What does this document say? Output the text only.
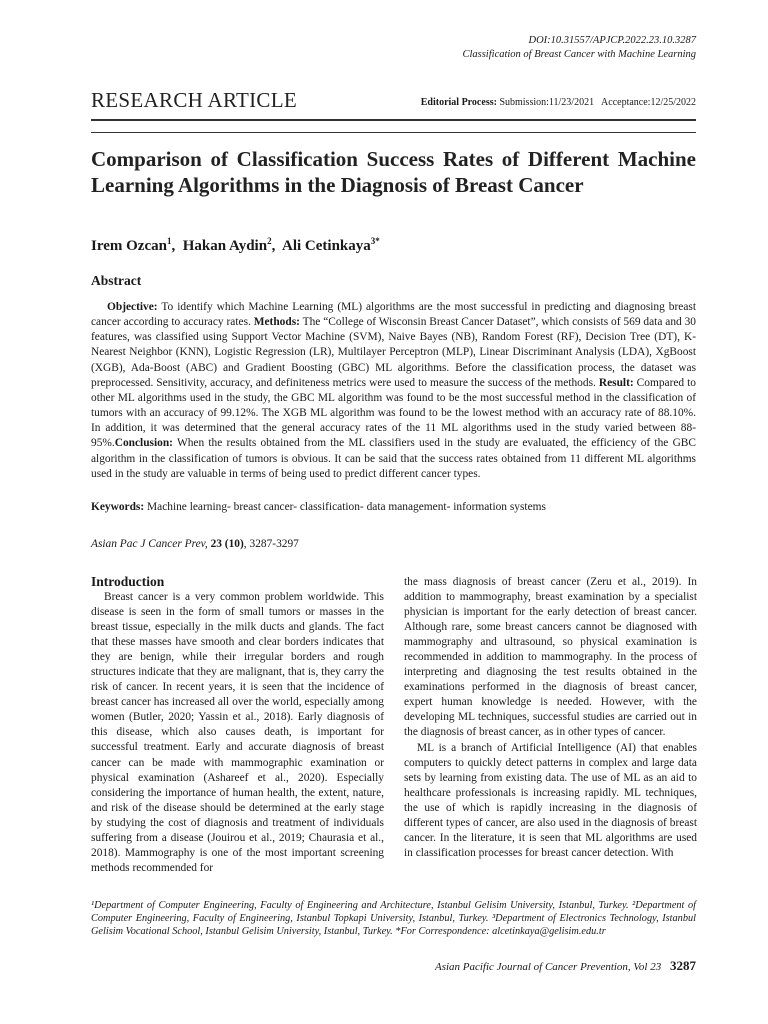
DOI:10.31557/APJCP.2022.23.10.3287
Classification of Breast Cancer with Machine Learning
RESEARCH ARTICLE	Editorial Process: Submission:11/23/2021   Acceptance:12/25/2022
Comparison of Classification Success Rates of Different Machine Learning Algorithms in the Diagnosis of Breast Cancer
Irem Ozcan$^1$,  Hakan Aydin$^2$,  Ali Cetinkaya$^{3*}$
Abstract

Objective: To identify which Machine Learning (ML) algorithms are the most successful in predicting and diagnosing breast cancer according to accuracy rates. Methods: The “College of Wisconsin Breast Cancer Dataset”, which consists of 569 data and 30 features, was classified using Support Vector Machine (SVM), Naive Bayes (NB), Random Forest (RF), Decision Tree (DT), K-Nearest Neighbor (KNN), Logistic Regression (LR), Multilayer Perceptron (MLP), Linear Discriminant Analysis (LDA), XgBoost (XGB), Ada-Boost (ABC) and Gradient Boosting (GBC) ML algorithms. Before the classification process, the dataset was preprocessed. Sensitivity, accuracy, and definiteness metrics were used to measure the success of the methods. Result: Compared to other ML algorithms used in the study, the GBC ML algorithm was found to be the most successful method in the classification of tumors with an accuracy of 99.12%. The XGB ML algorithm was found to be the lowest method with an accuracy rate of 88.10%. In addition, it was determined that the general accuracy rates of the 11 ML algorithms used in the study varied between 88-95%.Conclusion: When the results obtained from the ML classifiers used in the study are evaluated, the efficiency of the GBC algorithm in the classification of tumors is obvious. It can be said that the success rates obtained from 11 different ML algorithms used in the study are valuable in terms of being used to predict different cancer types.

Keywords: Machine learning- breast cancer- classification- data management- information systems

Asian Pac J Cancer Prev, 23 (10), 3287-3297
Introduction

Breast cancer is a very common problem worldwide. This disease is seen in the form of small tumors or masses in the breast tissue, especially in the milk ducts and glands. The fact that these masses have smooth and clear borders indicates that they are benign, while their irregular borders and rough structures indicate that they are malignant, that is, they carry the risk of cancer. In recent years, it is seen that the incidence of breast cancer has increased all over the world, especially among women (Butler, 2020; Yassin et al., 2018). Early diagnosis of this disease, which also causes death, is important for successful treatment. Early and accurate diagnosis of breast cancer can be made with mammographic examination or physical examination (Ashareef et al., 2020). Especially considering the importance of human health, the extent, nature, and risk of the disease should be determined at the early stage by studying the cost of diagnosis and treatment of individuals suffering from a disease (Jouirou et al., 2019; Chaurasia et al., 2018). Mammography is one of the most important screening methods recommended for

the mass diagnosis of breast cancer (Zeru et al., 2019). In addition to mammography, breast examination by a specialist physician is important for the early detection of breast cancer. Although rare, some breast cancers cannot be diagnosed with mammography and ultrasound, so physical examination is recommended in addition to mammography. In the process of interpreting and diagnosing the test results obtained in the examinations performed in the diagnosis of breast cancer, expert human knowledge is needed. However, with the developing ML techniques, successful studies are carried out in the diagnosis of breast cancer, as in other types of cancer.

ML is a branch of Artificial Intelligence (AI) that enables computers to quickly detect patterns in complex and large data sets by learning from existing data. The use of ML as an aid to healthcare professionals is increasing rapidly. ML techniques, the use of which is rapidly increasing in the diagnosis of different types of cancer, are also used in the diagnosis of breast cancer. In the literature, it is seen that ML algorithms are used in classification processes for breast cancer detection. With

¹Department of Computer Engineering, Faculty of Engineering and Architecture, Istanbul Gelisim University, Istanbul, Turkey. ²Department of Computer Engineering, Faculty of Engineering, Istanbul Topkapi University, Istanbul, Turkey. ³Department of Electronics Technology, Istanbul Gelisim Vocational School, Istanbul Gelisim University, Istanbul, Turkey. *For Correspondence: alcetinkaya@gelisim.edu.tr

Asian Pacific Journal of Cancer Prevention, Vol 23 3287
